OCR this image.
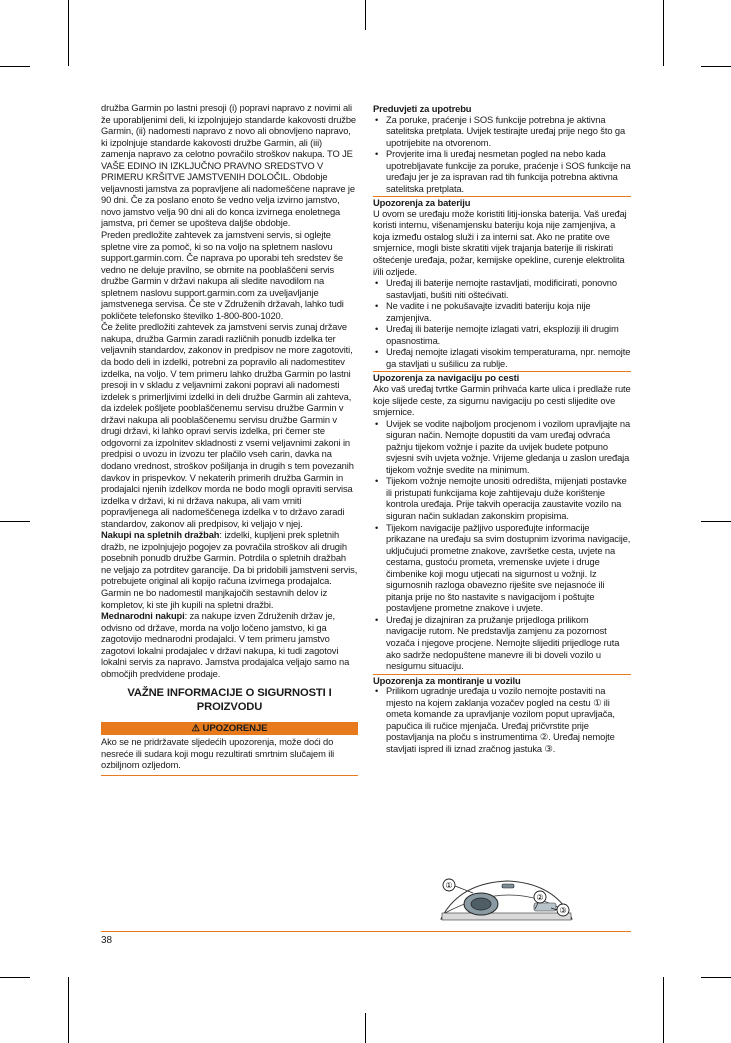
družba Garmin po lastni presoji (i) popravi napravo z novimi ali že uporabljenimi deli, ki izpolnjujejo standarde kakovosti družbe Garmin, (ii) nadomesti napravo z novo ali obnovljeno napravo, ki izpolnjuje standarde kakovosti družbe Garmin, ali (iii) zamenja napravo za celotno povračilo stroškov nakupa. TO JE VAŠE EDINO IN IZKLJUČNO PRAVNO SREDSTVO V PRIMERU KRŠITVE JAMSTVENIH DOLOČIL. Obdobje veljavnosti jamstva za popravljene ali nadomeščene naprave je 90 dni. Če za poslano enoto še vedno velja izvirno jamstvo, novo jamstvo velja 90 dni ali do konca izvirnega enoletnega jamstva, pri čemer se upošteva daljše obdobje.

Preden predložite zahtevek za jamstveni servis, si oglejte spletne vire za pomoč, ki so na voljo na spletnem naslovu support.garmin.com. Če naprava po uporabi teh sredstev še vedno ne deluje pravilno, se obrnite na pooblaščeni servis družbe Garmin v državi nakupa ali sledite navodilom na spletnem naslovu support.garmin.com za uveljavljanje jamstvenega servisa. Če ste v Združenih državah, lahko tudi pokličete telefonsko številko 1-800-800-1020.

Če želite predložiti zahtevek za jamstveni servis zunaj države nakupa, družba Garmin zaradi različnih ponudb izdelka ter veljavnih standardov, zakonov in predpisov ne more zagotoviti, da bodo deli in izdelki, potrebni za popravilo ali nadomestitev izdelka, na voljo. V tem primeru lahko družba Garmin po lastni presoji in v skladu z veljavnimi zakoni popravi ali nadomesti izdelek s primerljivimi izdelki in deli družbe Garmin ali zahteva, da izdelek pošljete pooblaščenemu servisu družbe Garmin v državi nakupa ali pooblaščenemu servisu družbe Garmin v drugi državi, ki lahko opravi servis izdelka, pri čemer ste odgovorni za izpolnitev skladnosti z vsemi veljavnimi zakoni in predpisi o uvozu in izvozu ter plačilo vseh carin, davka na dodano vrednost, stroškov pošiljanja in drugih s tem povezanih davkov in prispevkov. V nekaterih primerih družba Garmin in prodajalci njenih izdelkov morda ne bodo mogli opraviti servisa izdelka v državi, ki ni država nakupa, ali vam vrniti popravljenega ali nadomeščenega izdelka v to državo zaradi standardov, zakonov ali predpisov, ki veljajo v njej.

Nakupi na spletnih dražbah: izdelki, kupljeni prek spletnih dražb, ne izpolnjujejo pogojev za povračila stroškov ali drugih posebnih ponudb družbe Garmin. Potrdila o spletnih dražbah ne veljajo za potrditev garancije. Da bi pridobili jamstveni servis, potrebujete original ali kopijo računa izvirnega prodajalca. Garmin ne bo nadomestil manjkajočih sestavnih delov iz kompletov, ki ste jih kupili na spletni dražbi.

Mednarodni nakupi: za nakupe izven Združenih držav je, odvisno od države, morda na voljo ločeno jamstvo, ki ga zagotovijo mednarodni prodajalci. V tem primeru jamstvo zagotovi lokalni prodajalec v državi nakupa, ki tudi zagotovi lokalni servis za napravo. Jamstva prodajalca veljajo samo na območjih predvidene prodaje.

VAŽNE INFORMACIJE O SIGURNOSTI I
PROIZVODU
⚠ UPOZORENJE

Ako se ne pridržavate sljedećih upozorenja, može doći do nesreće ili sudara koji mogu rezultirati smrtnim slučajem ili ozbiljnom ozljedom.

Preduvjeti za upotrebu
• Za poruke, praćenje i SOS funkcije potrebna je aktivna satelitska pretplata. Uvijek testirajte uređaj prije nego što ga upotrijebite na otvorenom.
• Provjerite ima li uređaj nesmetan pogled na nebo kada upotrebljavate funkcije za poruke, praćenje i SOS funkcije na uređaju jer je za ispravan rad tih funkcija potrebna aktivna satelitska pretplata.
Upozorenja za bateriju

U ovom se uređaju može koristiti litij-ionska baterija. Vaš uređaj koristi internu, višenamjensku bateriju koja nije zamjenjiva, a koja između ostalog služi i za interni sat. Ako ne pratite ove smjernice, mogli biste skratiti vijek trajanja baterije ili riskirati oštećenje uređaja, požar, kemijske opekline, curenje elektrolita i/ili ozljede.

• Uređaj ili baterije nemojte rastavljati, modificirati, ponovno sastavljati, bušiti niti oštećivati.
• Ne vadite i ne pokušavajte izvaditi bateriju koja nije zamjenjiva.
• Uređaj ili baterije nemojte izlagati vatri, eksploziji ili drugim opasnostima.
• Uređaj nemojte izlagati visokim temperaturama, npr. nemojte ga stavljati u sušilicu za rublje.
Upozorenja za navigaciju po cesti

Ako vaš uređaj tvrtke Garmin prihvaća karte ulica i predlaže rute koje slijede ceste, za sigurnu navigaciju po cesti slijedite ove smjernice.

• Uvijek se vodite najboljom procjenom i vozilom upravljajte na siguran način. Nemojte dopustiti da vam uređaj odvraća pažnju tijekom vožnje i pazite da uvijek budete potpuno svjesni svih uvjeta vožnje. Vrijeme gledanja u zaslon uređaja tijekom vožnje svedite na minimum.
• Tijekom vožnje nemojte unositi odredišta, mijenjati postavke ili pristupati funkcijama koje zahtijevaju duže korištenje kontrola uređaja. Prije takvih operacija zaustavite vozilo na siguran način sukladan zakonskim propisima.
• Tijekom navigacije pažljivo uspoređujte informacije prikazane na uređaju sa svim dostupnim izvorima navigacije, uključujući prometne znakove, završetke cesta, uvjete na cestama, gustoću prometa, vremenske uvjete i druge čimbenike koji mogu utjecati na sigurnost u vožnji. Iz sigurnosnih razloga obavezno riješite sve nejasnoće ili pitanja prije no što nastavite s navigacijom i poštujte postavljene prometne znakove i uvjete.
• Uređaj je dizajniran za pružanje prijedloga prilikom navigacije rutom. Ne predstavlja zamjenu za pozornost vozača i njegove procjene. Nemojte slijediti prijedloge ruta ako sadrže nedopuštene manevre ili bi doveli vozilo u nesigurnu situaciju.
Upozorenja za montiranje u vozilu
• Prilikom ugradnje uređaja u vozilo nemojte postaviti na mjesto na kojem zaklanja vozačev pogled na cestu ① ili ometa komande za upravljanje vozilom poput upravljača, papučica ili ručice mjenjača. Uređaj pričvrstite prije postavljanja na ploču s instrumentima ②. Uređaj nemojte stavljati ispred ili iznad zračnog jastuka ③.
①
②
③
38
